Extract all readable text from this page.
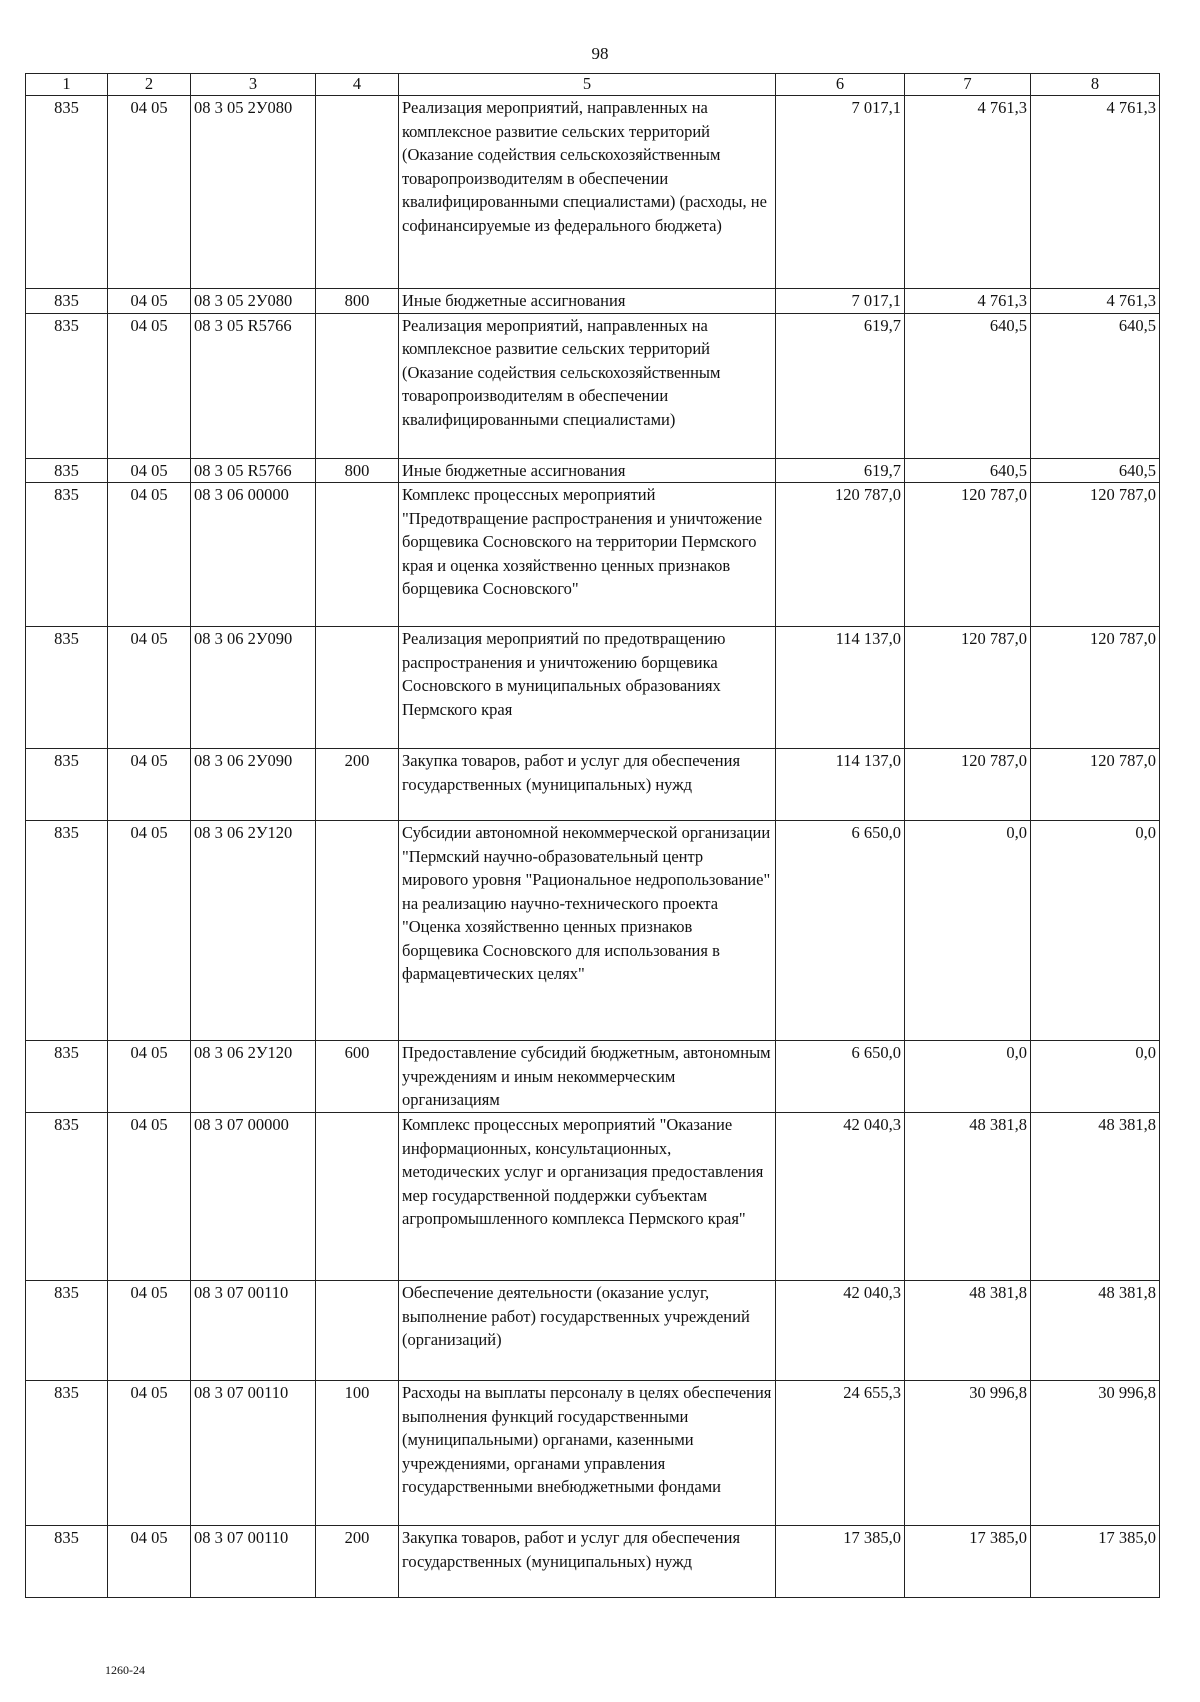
98
1	2	3	4	5	6	7	8
835	04 05	08 3 05 2У080		Реализация мероприятий, направленных на комплексное развитие сельских территорий (Оказание содействия сельскохозяйственным товаропроизводителям в обеспечении квалифицированными специалистами) (расходы, не софинансируемые из федерального бюджета)	7 017,1	4 761,3	4 761,3
835	04 05	08 3 05 2У080	800	Иные бюджетные ассигнования	7 017,1	4 761,3	4 761,3
835	04 05	08 3 05 R5766		Реализация мероприятий, направленных на комплексное развитие сельских территорий (Оказание содействия сельскохозяйственным товаропроизводителям в обеспечении квалифицированными специалистами)	619,7	640,5	640,5
835	04 05	08 3 05 R5766	800	Иные бюджетные ассигнования	619,7	640,5	640,5
835	04 05	08 3 06 00000		Комплекс процессных мероприятий "Предотвращение распространения и уничтожение борщевика Сосновского на территории Пермского края и оценка хозяйственно ценных признаков борщевика Сосновского"	120 787,0	120 787,0	120 787,0
835	04 05	08 3 06 2У090		Реализация мероприятий по предотвращению распространения и уничтожению борщевика Сосновского в муниципальных образованиях Пермского края	114 137,0	120 787,0	120 787,0
835	04 05	08 3 06 2У090	200	Закупка товаров, работ и услуг для обеспечения государственных (муниципальных) нужд	114 137,0	120 787,0	120 787,0
835	04 05	08 3 06 2У120		Субсидии автономной некоммерческой организации "Пермский научно-образовательный центр мирового уровня "Рациональное недропользование" на реализацию научно-технического проекта "Оценка хозяйственно ценных признаков борщевика Сосновского для использования в фармацевтических целях"	6 650,0	0,0	0,0
835	04 05	08 3 06 2У120	600	Предоставление субсидий бюджетным, автономным учреждениям и иным некоммерческим организациям	6 650,0	0,0	0,0
835	04 05	08 3 07 00000		Комплекс процессных мероприятий "Оказание информационных, консультационных, методических услуг и организация предоставления мер государственной поддержки субъектам агропромышленного комплекса Пермского края"	42 040,3	48 381,8	48 381,8
835	04 05	08 3 07 00110		Обеспечение деятельности (оказание услуг, выполнение работ) государственных учреждений (организаций)	42 040,3	48 381,8	48 381,8
835	04 05	08 3 07 00110	100	Расходы на выплаты персоналу в целях обеспечения выполнения функций государственными (муниципальными) органами, казенными учреждениями, органами управления государственными внебюджетными фондами	24 655,3	30 996,8	30 996,8
835	04 05	08 3 07 00110	200	Закупка товаров, работ и услуг для обеспечения государственных (муниципальных) нужд	17 385,0	17 385,0	17 385,0
1260-24
